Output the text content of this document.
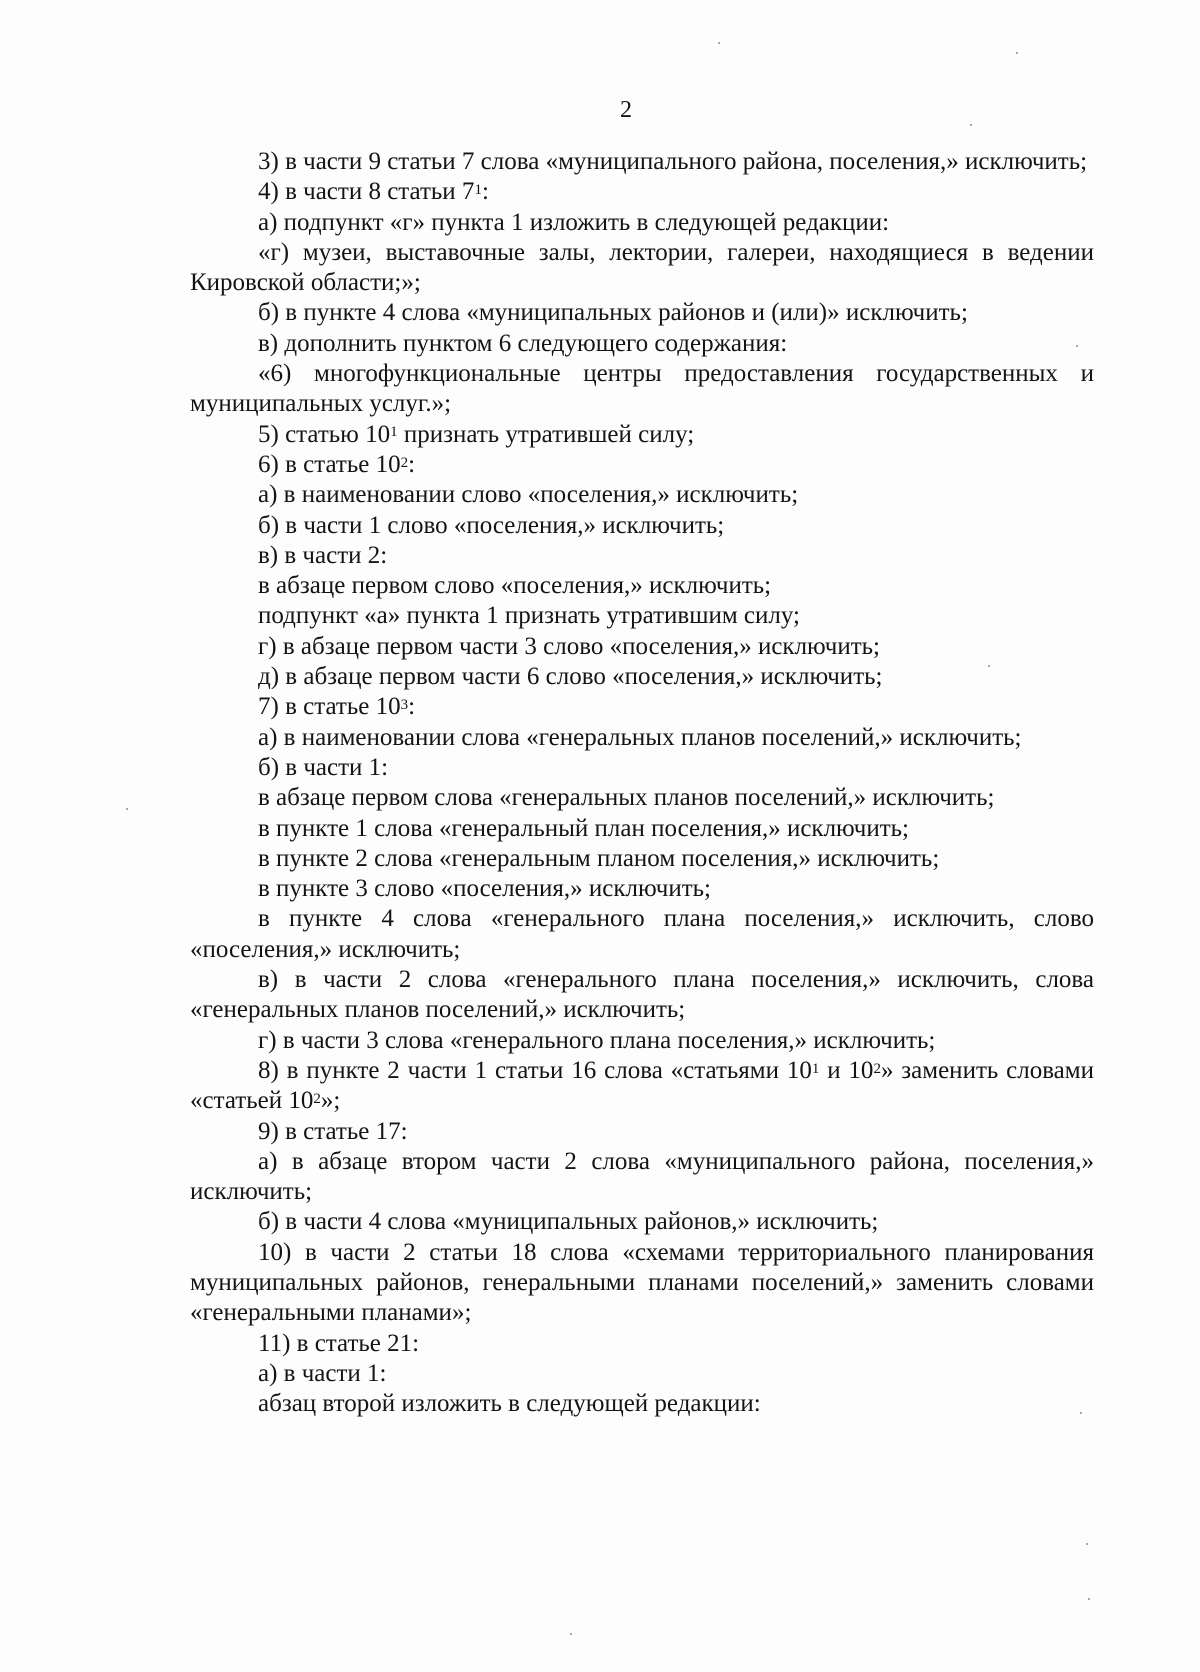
2

3) в части 9 статьи 7 слова «муниципального района, поселения,» исключить;

4) в части 8 статьи $7^1$:

а) подпункт «г» пункта 1 изложить в следующей редакции:

«г) музеи, выставочные залы, лектории, галереи, находящиеся в ведении Кировской области;»;

б) в пункте 4 слова «муниципальных районов и (или)» исключить;

в) дополнить пунктом 6 следующего содержания:

«6) многофункциональные центры предоставления государственных и муниципальных услуг.»;

5) статью $10^1$ признать утратившей силу;

6) в статье $10^2$:

а) в наименовании слово «поселения,» исключить;

б) в части 1 слово «поселения,» исключить;

в) в части 2:

в абзаце первом слово «поселения,» исключить;

подпункт «а» пункта 1 признать утратившим силу;

г) в абзаце первом части 3 слово «поселения,» исключить;

д) в абзаце первом части 6 слово «поселения,» исключить;

7) в статье $10^3$:

а) в наименовании слова «генеральных планов поселений,» исключить;

б) в части 1:

в абзаце первом слова «генеральных планов поселений,» исключить;

в пункте 1 слова «генеральный план поселения,» исключить;

в пункте 2 слова «генеральным планом поселения,» исключить;

в пункте 3 слово «поселения,» исключить;

в пункте 4 слова «генерального плана поселения,» исключить, слово «поселения,» исключить;

в) в части 2 слова «генерального плана поселения,» исключить, слова «генеральных планов поселений,» исключить;

г) в части 3 слова «генерального плана поселения,» исключить;

8) в пункте 2 части 1 статьи 16 слова «статьями $10^1$ и $10^2$» заменить словами «статьей $10^2$»;

9) в статье 17:

а) в абзаце втором части 2 слова «муниципального района, поселения,» исключить;

б) в части 4 слова «муниципальных районов,» исключить;

10) в части 2 статьи 18 слова «схемами территориального планирования муниципальных районов, генеральными планами поселений,» заменить словами «генеральными планами»;

11) в статье 21:

а) в части 1:

абзац второй изложить в следующей редакции:
